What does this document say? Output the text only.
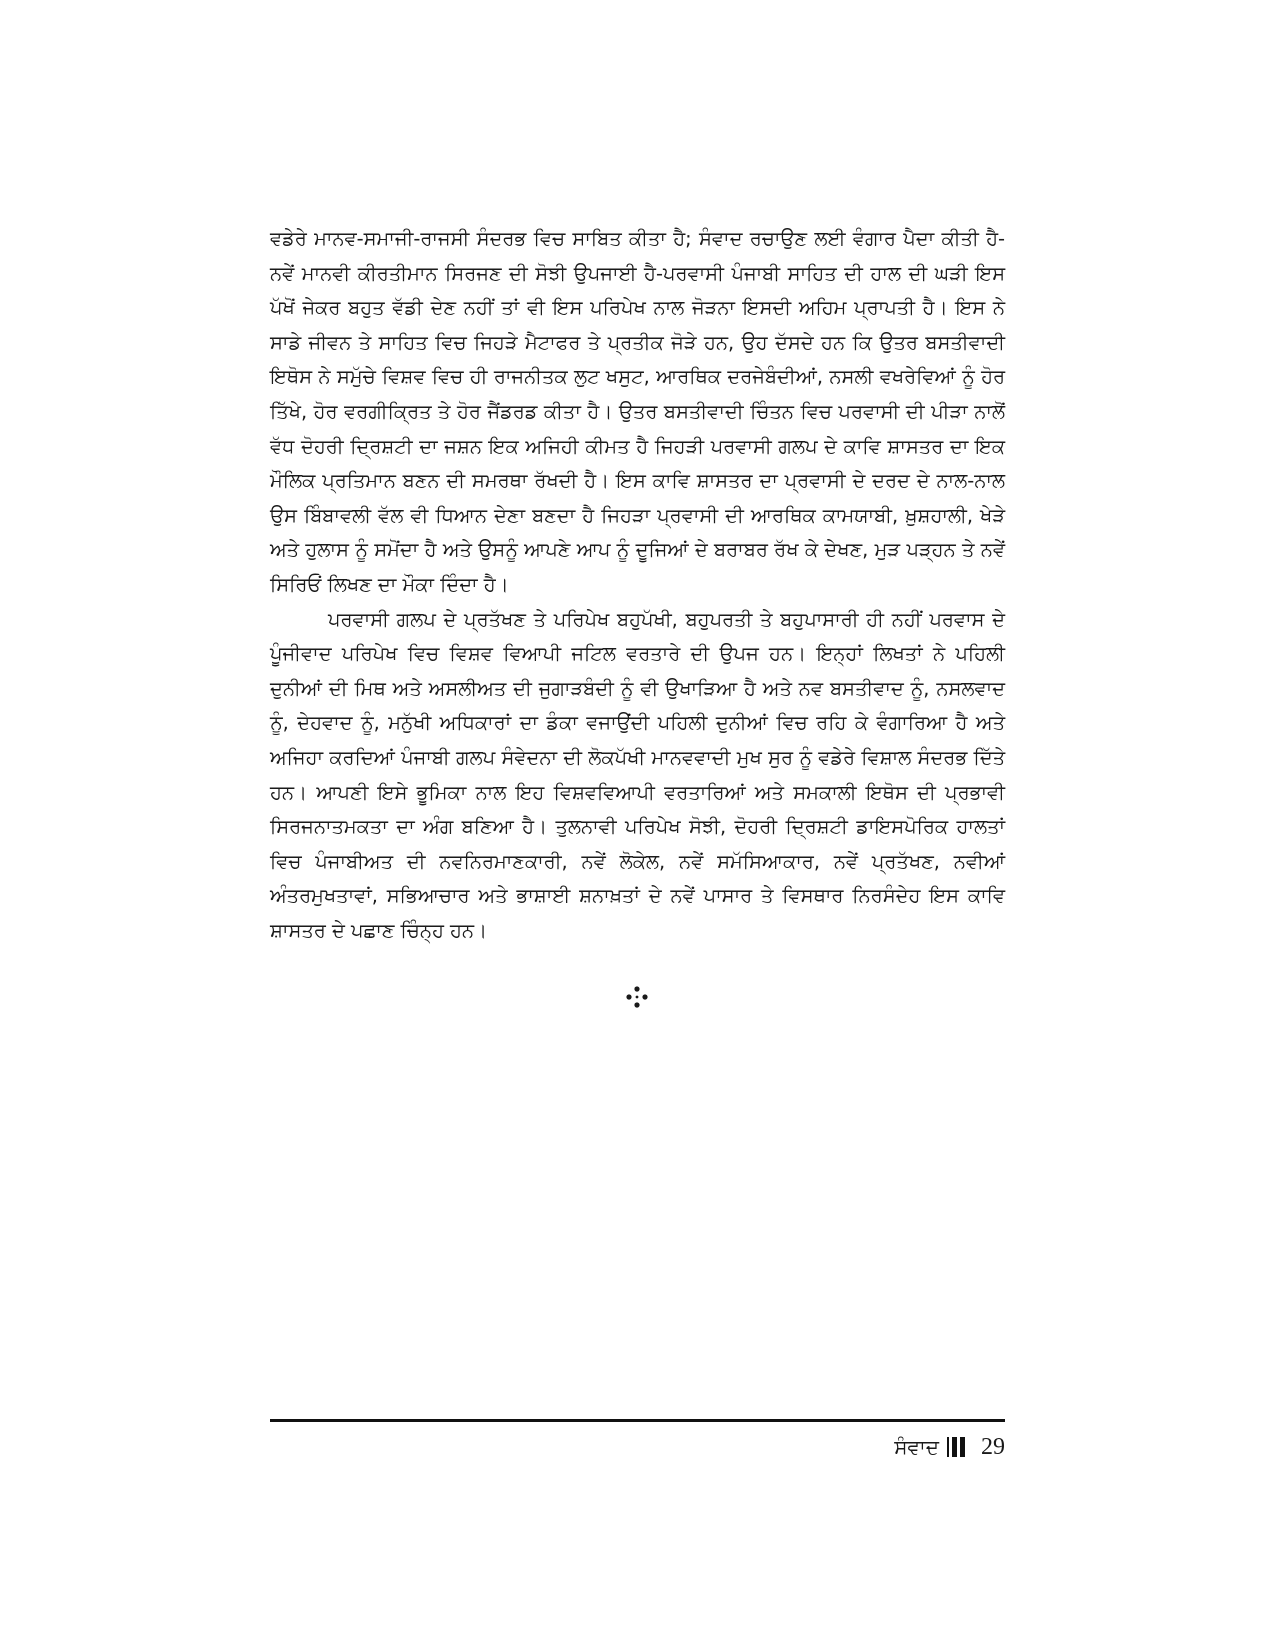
ਵਡੇਰੇ ਮਾਨਵ-ਸਮਾਜੀ-ਰਾਜਸੀ ਸੰਦਰਭ ਵਿਚ ਸਾਬਿਤ ਕੀਤਾ ਹੈ; ਸੰਵਾਦ ਰਚਾਉਣ ਲਈ ਵੰਗਾਰ ਪੈਦਾ ਕੀਤੀ ਹੈ-ਨਵੇਂ ਮਾਨਵੀ ਕੀਰਤੀਮਾਨ ਸਿਰਜਣ ਦੀ ਸੋਝੀ ਉਪਜਾਈ ਹੈ-ਪਰਵਾਸੀ ਪੰਜਾਬੀ ਸਾਹਿਤ ਦੀ ਹਾਲ ਦੀ ਘੜੀ ਇਸ ਪੱਖੋਂ ਜੇਕਰ ਬਹੁਤ ਵੱਡੀ ਦੇਣ ਨਹੀਂ ਤਾਂ ਵੀ ਇਸ ਪਰਿਪੇਖ ਨਾਲ ਜੋੜਨਾ ਇਸਦੀ ਅਹਿਮ ਪ੍ਰਾਪਤੀ ਹੈ। ਇਸ ਨੇ ਸਾਡੇ ਜੀਵਨ ਤੇ ਸਾਹਿਤ ਵਿਚ ਜਿਹੜੇ ਮੈਟਾਫਰ ਤੇ ਪ੍ਰਤੀਕ ਜੋੜੇ ਹਨ, ਉਹ ਦੱਸਦੇ ਹਨ ਕਿ ਉਤਰ ਬਸਤੀਵਾਦੀ ਇਥੋਸ ਨੇ ਸਮੁੱਚੇ ਵਿਸ਼ਵ ਵਿਚ ਹੀ ਰਾਜਨੀਤਕ ਲੁਟ ਖਸੁਟ, ਆਰਥਿਕ ਦਰਜੇਬੰਦੀਆਂ, ਨਸਲੀ ਵਖਰੇਵਿਆਂ ਨੂੰ ਹੋਰ ਤਿੱਖੇ, ਹੋਰ ਵਰਗੀਕ੍ਰਿਤ ਤੇ ਹੋਰ ਜੈਂਡਰਡ ਕੀਤਾ ਹੈ। ਉਤਰ ਬਸਤੀਵਾਦੀ ਚਿੰਤਨ ਵਿਚ ਪਰਵਾਸੀ ਦੀ ਪੀੜਾ ਨਾਲੋਂ ਵੱਧ ਦੋਹਰੀ ਦ੍ਰਿਸ਼ਟੀ ਦਾ ਜਸ਼ਨ ਇਕ ਅਜਿਹੀ ਕੀਮਤ ਹੈ ਜਿਹੜੀ ਪਰਵਾਸੀ ਗਲਪ ਦੇ ਕਾਵਿ ਸ਼ਾਸਤਰ ਦਾ ਇਕ ਮੌਲਿਕ ਪ੍ਰਤਿਮਾਨ ਬਣਨ ਦੀ ਸਮਰਥਾ ਰੱਖਦੀ ਹੈ। ਇਸ ਕਾਵਿ ਸ਼ਾਸਤਰ ਦਾ ਪ੍ਰਵਾਸੀ ਦੇ ਦਰਦ ਦੇ ਨਾਲ-ਨਾਲ ਉਸ ਬਿੰਬਾਵਲੀ ਵੱਲ ਵੀ ਧਿਆਨ ਦੇਣਾ ਬਣਦਾ ਹੈ ਜਿਹੜਾ ਪ੍ਰਵਾਸੀ ਦੀ ਆਰਥਿਕ ਕਾਮਯਾਬੀ, ਖ਼ੁਸ਼ਹਾਲੀ, ਖੇੜੇ ਅਤੇ ਹੁਲਾਸ ਨੂੰ ਸਮੋਂਦਾ ਹੈ ਅਤੇ ਉਸਨੂੰ ਆਪਣੇ ਆਪ ਨੂੰ ਦੂਜਿਆਂ ਦੇ ਬਰਾਬਰ ਰੱਖ ਕੇ ਦੇਖਣ, ਮੁੜ ਪੜ੍ਹਨ ਤੇ ਨਵੇਂ ਸਿਰਿਓਂ ਲਿਖਣ ਦਾ ਮੌਕਾ ਦਿੰਦਾ ਹੈ।

ਪਰਵਾਸੀ ਗਲਪ ਦੇ ਪ੍ਰਤੱਖਣ ਤੇ ਪਰਿਪੇਖ ਬਹੁਪੱਖੀ, ਬਹੁਪਰਤੀ ਤੇ ਬਹੁਪਾਸਾਰੀ ਹੀ ਨਹੀਂ ਪਰਵਾਸ ਦੇ ਪੂੰਜੀਵਾਦ ਪਰਿਪੇਖ ਵਿਚ ਵਿਸ਼ਵ ਵਿਆਪੀ ਜਟਿਲ ਵਰਤਾਰੇ ਦੀ ਉਪਜ ਹਨ। ਇਨ੍ਹਾਂ ਲਿਖਤਾਂ ਨੇ ਪਹਿਲੀ ਦੁਨੀਆਂ ਦੀ ਮਿਥ ਅਤੇ ਅਸਲੀਅਤ ਦੀ ਜੁਗਾੜਬੰਦੀ ਨੂੰ ਵੀ ਉਖਾੜਿਆ ਹੈ ਅਤੇ ਨਵ ਬਸਤੀਵਾਦ ਨੂੰ, ਨਸਲਵਾਦ ਨੂੰ, ਦੇਹਵਾਦ ਨੂੰ, ਮਨੁੱਖੀ ਅਧਿਕਾਰਾਂ ਦਾ ਡੰਕਾ ਵਜਾਉਂਦੀ ਪਹਿਲੀ ਦੁਨੀਆਂ ਵਿਚ ਰਹਿ ਕੇ ਵੰਗਾਰਿਆ ਹੈ ਅਤੇ ਅਜਿਹਾ ਕਰਦਿਆਂ ਪੰਜਾਬੀ ਗਲਪ ਸੰਵੇਦਨਾ ਦੀ ਲੋਕਪੱਖੀ ਮਾਨਵਵਾਦੀ ਮੁਖ ਸੁਰ ਨੂੰ ਵਡੇਰੇ ਵਿਸ਼ਾਲ ਸੰਦਰਭ ਦਿੱਤੇ ਹਨ। ਆਪਣੀ ਇਸੇ ਭੂਮਿਕਾ ਨਾਲ ਇਹ ਵਿਸ਼ਵਵਿਆਪੀ ਵਰਤਾਰਿਆਂ ਅਤੇ ਸਮਕਾਲੀ ਇਥੋਸ ਦੀ ਪ੍ਰਭਾਵੀ ਸਿਰਜਨਾਤਮਕਤਾ ਦਾ ਅੰਗ ਬਣਿਆ ਹੈ। ਤੁਲਨਾਵੀ ਪਰਿਪੇਖ ਸੋਝੀ, ਦੋਹਰੀ ਦ੍ਰਿਸ਼ਟੀ ਡਾਇਸਪੋਰਿਕ ਹਾਲਤਾਂ ਵਿਚ ਪੰਜਾਬੀਅਤ ਦੀ ਨਵਨਿਰਮਾਣਕਾਰੀ, ਨਵੇਂ ਲੋਕੇਲ, ਨਵੇਂ ਸਮੱਸਿਆਕਾਰ, ਨਵੇਂ ਪ੍ਰਤੱਖਣ, ਨਵੀਆਂ ਅੰਤਰਮੁਖਤਾਵਾਂ, ਸਭਿਆਚਾਰ ਅਤੇ ਭਾਸ਼ਾਈ ਸ਼ਨਾਖ਼ਤਾਂ ਦੇ ਨਵੇਂ ਪਾਸਾਰ ਤੇ ਵਿਸਥਾਰ ਨਿਰਸੰਦੇਹ ਇਸ ਕਾਵਿ ਸ਼ਾਸਤਰ ਦੇ ਪਛਾਣ ਚਿੰਨ੍ਹ ਹਨ।

ਸੰਵਾਦ 29
